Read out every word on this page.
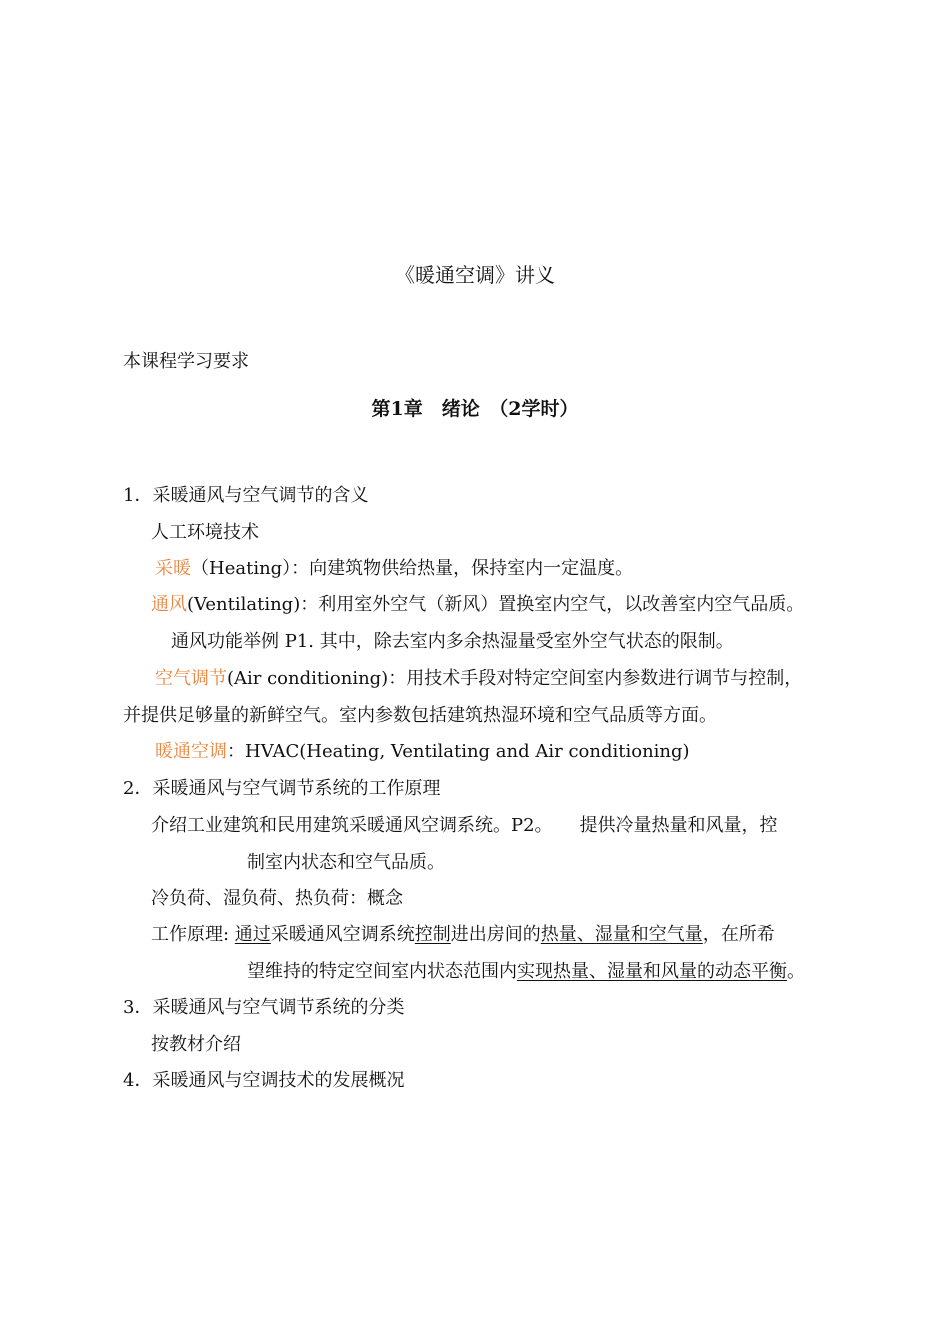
《暖通空调》讲义
本课程学习要求
第1章　绪论　（2学时）
1．采暖通风与空气调节的含义
人工环境技术
采暖（Heating）：向建筑物供给热量，保持室内一定温度。
通风(Ventilating)：利用室外空气（新风）置换室内空气，以改善室内空气品质。
通风功能举例 P1. 其中，除去室内多余热湿量受室外空气状态的限制。
空气调节(Air conditioning)：用技术手段对特定空间室内参数进行调节与控制，
并提供足够量的新鲜空气。室内参数包括建筑热湿环境和空气品质等方面。
暖通空调：HVAC(Heating, Ventilating and Air conditioning)
2．采暖通风与空气调节系统的工作原理
介绍工业建筑和民用建筑采暖通风空调系统。P2。　　提供冷量热量和风量，控
制室内状态和空气品质。
冷负荷、湿负荷、热负荷：概念
工作原理: 通过采暖通风空调系统控制进出房间的热量、湿量和空气量，在所希
望维持的特定空间室内状态范围内实现热量、湿量和风量的动态平衡。
3．采暖通风与空气调节系统的分类
按教材介绍
4．采暖通风与空调技术的发展概况
